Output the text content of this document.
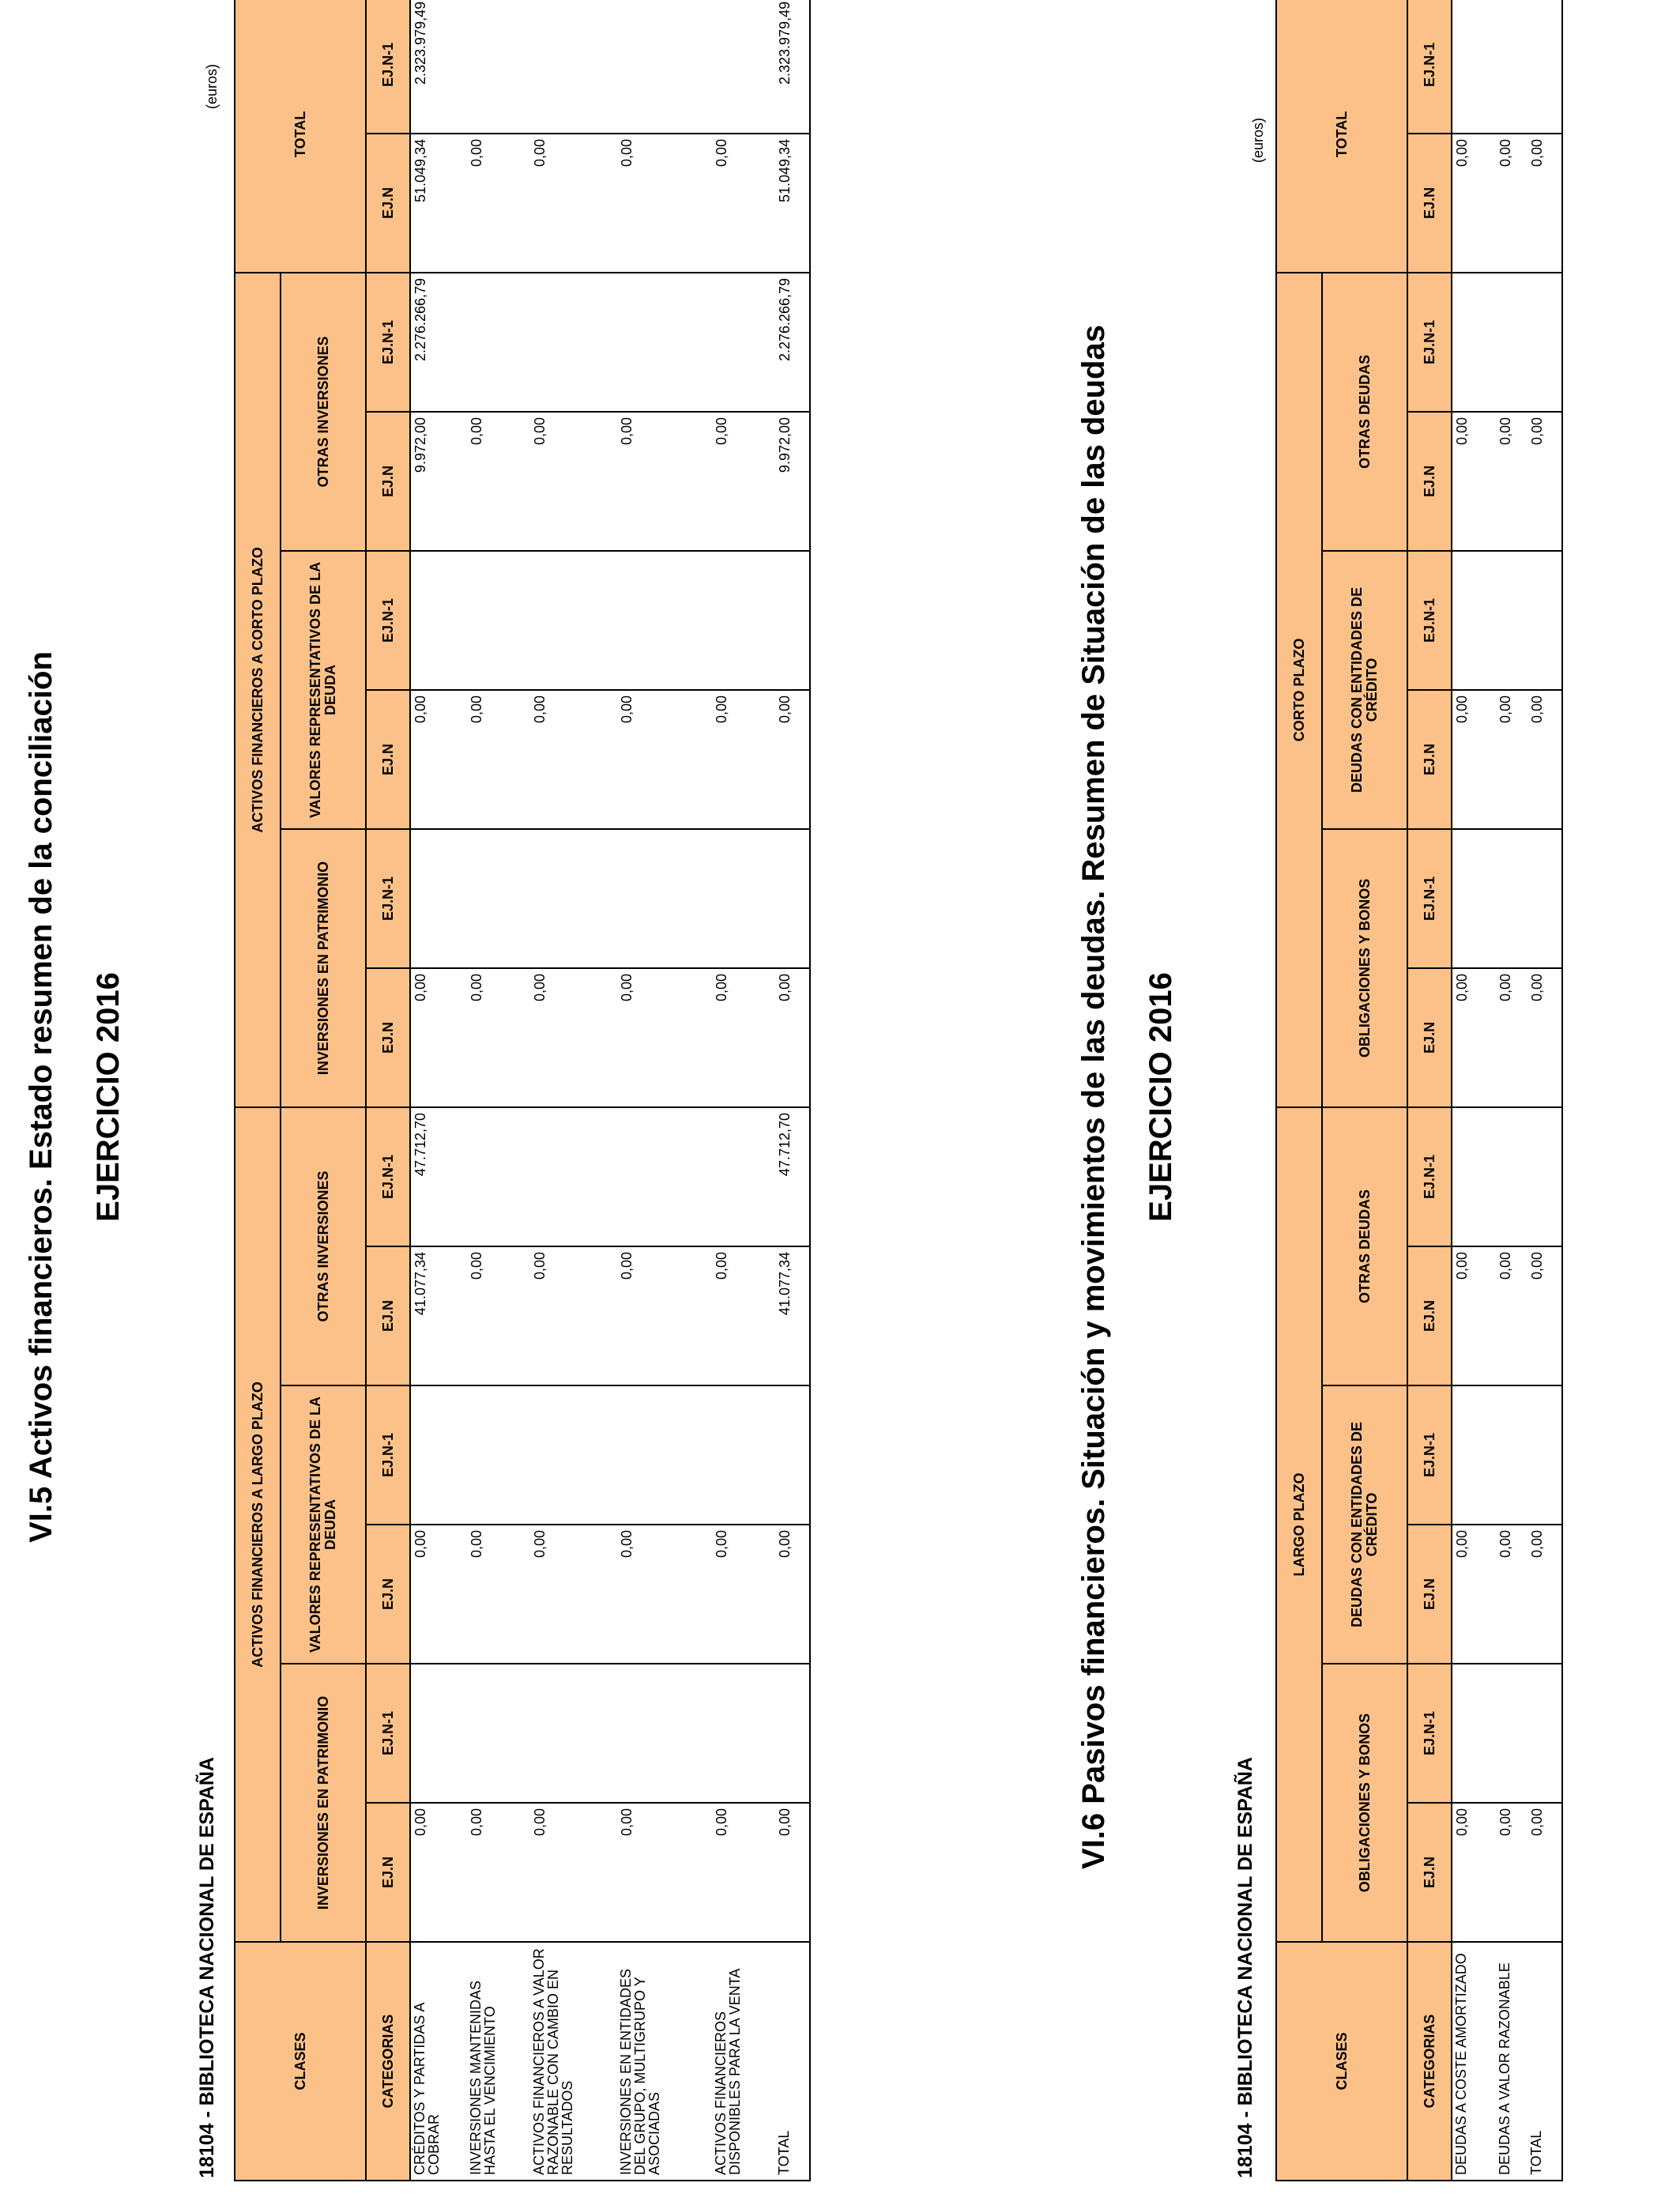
VI.5 Activos financieros. Estado resumen de la conciliación EJERCICIO 2016
18104 - BIBLIOTECA NACIONAL DE ESPAÑA
(euros)
CLASES	ACTIVOS FINANCIEROS A LARGO PLAZO						ACTIVOS FINANCIEROS A CORTO PLAZO						TOTAL	
	INVERSIONES EN PATRIMONIO		VALORES REPRESENTATIVOS DE LA DEUDA		OTRAS INVERSIONES		INVERSIONES EN PATRIMONIO		VALORES REPRESENTATIVOS DE LA DEUDA		OTRAS INVERSIONES			
CATEGORIAS	EJ.N	EJ.N-1	EJ.N	EJ.N-1	EJ.N	EJ.N-1	EJ.N	EJ.N-1	EJ.N	EJ.N-1	EJ.N	EJ.N-1	EJ.N	EJ.N-1
CRÉDITOS Y PARTIDAS A COBRAR	0,00		0,00		41.077,34	47.712,70	0,00		0,00		9.972,00	2.276.266,79	51.049,34	2.323.979,49
INVERSIONES MANTENIDAS HASTA EL VENCIMIENTO	0,00		0,00		0,00		0,00		0,00		0,00		0,00	
ACTIVOS FINANCIEROS A VALOR RAZONABLE CON CAMBIO EN RESULTADOS	0,00		0,00		0,00		0,00		0,00		0,00		0,00	
INVERSIONES EN ENTIDADES DEL GRUPO, MULTIGRUPO Y ASOCIADAS	0,00		0,00		0,00		0,00		0,00		0,00		0,00	
ACTIVOS FINANCIEROS DISPONIBLES PARA LA VENTA	0,00		0,00		0,00		0,00		0,00		0,00		0,00	
TOTAL	0,00		0,00		41.077,34	47.712,70	0,00		0,00		9.972,00	2.276.266,79	51.049,34	2.323.979,49
VI.6 Pasivos financieros. Situación y movimientos de las deudas. Resumen de Situación de las deudas EJERCICIO 2016
18104 - BIBLIOTECA NACIONAL DE ESPAÑA
(euros)
CLASES	LARGO PLAZO						CORTO PLAZO						TOTAL	
	OBLIGACIONES Y BONOS		DEUDAS CON ENTIDADES DE CRÉDITO		OTRAS DEUDAS		OBLIGACIONES Y BONOS		DEUDAS CON ENTIDADES DE CRÉDITO		OTRAS DEUDAS			
CATEGORIAS	EJ.N	EJ.N-1	EJ.N	EJ.N-1	EJ.N	EJ.N-1	EJ.N	EJ.N-1	EJ.N	EJ.N-1	EJ.N	EJ.N-1	EJ.N	EJ.N-1
DEUDAS A COSTE AMORTIZADO	0,00		0,00		0,00		0,00		0,00		0,00		0,00	
DEUDAS A VALOR RAZONABLE	0,00		0,00		0,00		0,00		0,00		0,00		0,00	
TOTAL	0,00		0,00		0,00		0,00		0,00		0,00		0,00	
